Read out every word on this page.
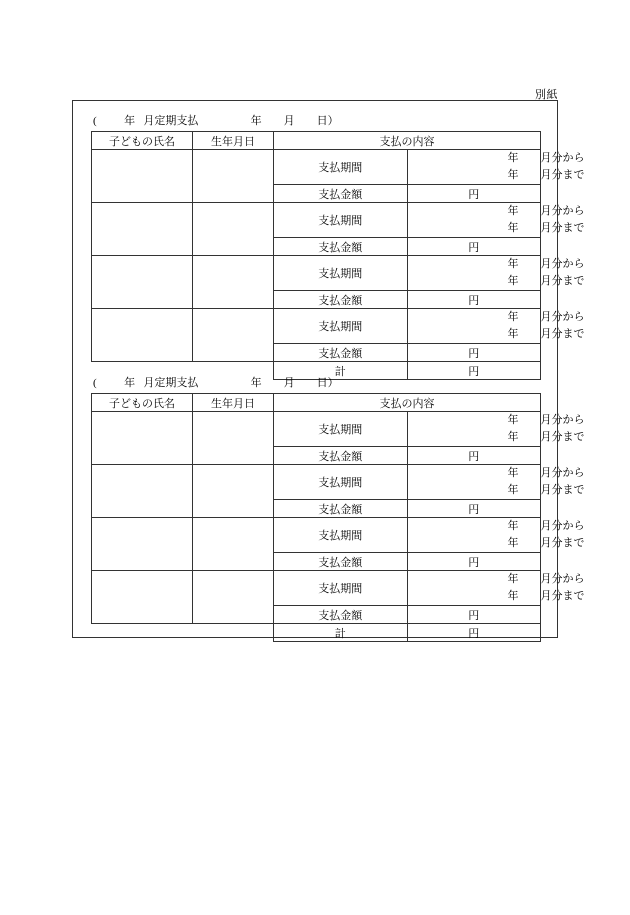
別紙
(          年   月定期支払                   年        月        日）
子どもの氏名	生年月日	支払の内容	
		支払期間	年        月分から
年        月分まで

		支払金額	円
		支払期間	年        月分から
年        月分まで

		支払金額	円
		支払期間	年        月分から
年        月分まで

		支払金額	円
		支払期間	年        月分から
年        月分まで

		支払金額	円
		計	円
(          年   月定期支払                   年        月        日）
子どもの氏名	生年月日	支払の内容	
		支払期間	年        月分から
年        月分まで

		支払金額	円
		支払期間	年        月分から
年        月分まで

		支払金額	円
		支払期間	年        月分から
年        月分まで

		支払金額	円
		支払期間	年        月分から
年        月分まで

		支払金額	円
		計	円
